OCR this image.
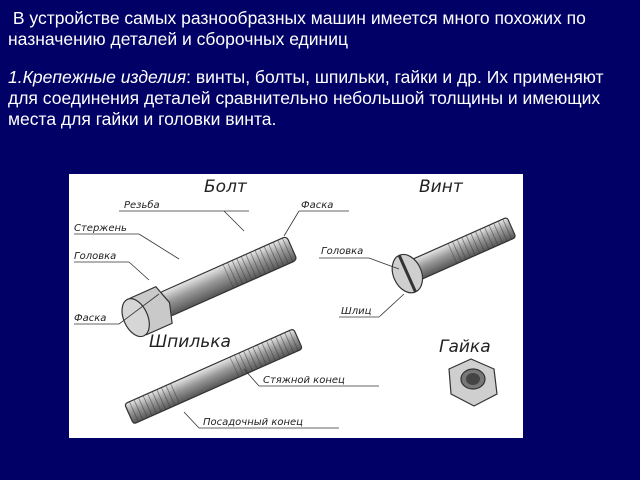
В устройстве самых разнообразных машин имеется много похожих по назначению деталей и сборочных единиц
1.Крепежные изделия: винты, болты, шпильки, гайки и др. Их применяют для соединения деталей сравнительно небольшой толщины и имеющих места для гайки и головки винта.
Болт	Винт
Шпилька	Гайка
Резьба	Фаска
Стержень
Головка
Фаска
Головка
Шлиц
Стяжной конец
Посадочный конец
